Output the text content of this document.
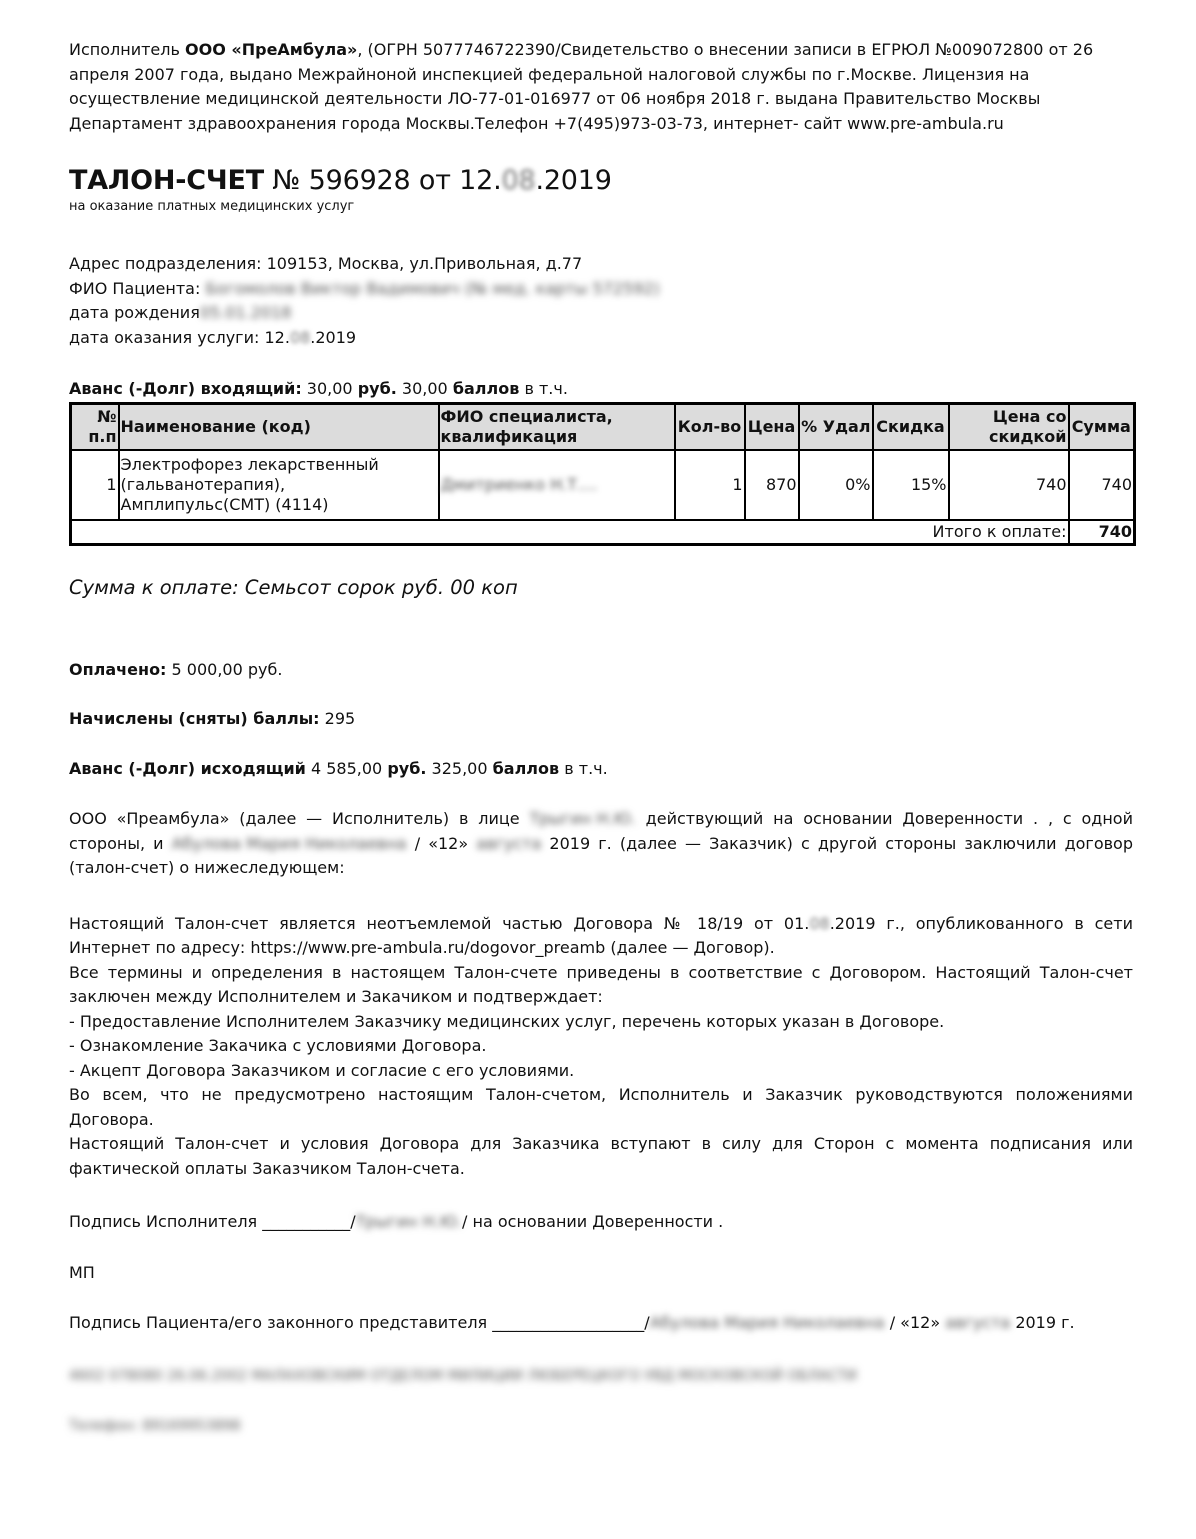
Исполнитель ООО «ПреАмбула», (ОГРН 5077746722390/Свидетельство о внесении записи в ЕГРЮЛ №009072800 от 26 апреля 2007 года, выдано Межрайноной инспекцией федеральной налоговой службы по г.Москве. Лицензия на осуществление медицинской деятельности ЛО-77-01-016977 от 06 ноября 2018 г. выдана Правительство Москвы Департамент здравоохранения города Москвы.Телефон +7(495)973-03-73, интернет- сайт www.pre-ambula.ru

ТАЛОН-СЧЕТ № 596928 от 12.08.2019
на оказание платных медицинских услуг

Адрес подразделения: 109153, Москва, ул.Привольная, д.77

ФИО Пациента: Богомолов Виктор Вадимович (№ мед. карты 572592)

дата рождения05.01.2018

дата оказания услуги: 12.08.2019

Аванс (-Долг) входящий: 30,00 руб. 30,00 баллов в т.ч.

№ п.п	Наименование (код)	ФИО специалиста, квалификация	Кол-во	Цена	% Удал	Скидка	Цена со скидкой	Сумма
1	Электрофорез лекарственный (гальванотерапия), Амплипульс(СМТ) (4114)	Дмитриенко Н.Т....	1	870	0%	15%	740	740
Итого к оплате:								740

Сумма к оплате: Семьсот сорок руб. 00 коп

Оплачено: 5 000,00 руб.

Начислены (сняты) баллы: 295

Аванс (-Долг) исходящий 4 585,00 руб. 325,00 баллов в т.ч.

ООО «Преамбула» (далее — Исполнитель) в лице Трыгин Н.Ю. действующий на основании Доверенности . , с одной стороны, и Абулова Мария Николаевна / «12» августа 2019 г. (далее — Заказчик) с другой стороны заключили договор (талон-счет) о нижеследующем:

Настоящий Талон-счет является неотъемлемой частью Договора № 18/19 от 01.08.2019 г., опубликованного в сети Интернет по адресу: https://www.pre-ambula.ru/dogovor_preamb (далее — Договор).

Все термины и определения в настоящем Талон-счете приведены в соответствие с Договором. Настоящий Талон-счет заключен между Исполнителем и Закачиком и подтверждает:

- Предоставление Исполнителем Заказчику медицинских услуг, перечень которых указан в Договоре.

- Ознакомление Закачика с условиями Договора.

- Акцепт Договора Заказчиком и согласие с его условиями.

Во всем, что не предусмотрено настоящим Талон-счетом, Исполнитель и Заказчик руководствуются положениями Договора.

Настоящий Талон-счет и условия Договора для Заказчика вступают в силу для Сторон с момента подписания или фактической оплаты Заказчиком Талон-счета.

Подпись Исполнителя ___________/Трыгин Н.Ю./ на основании Доверенности .

МП

Подпись Пациента/его законного представителя ___________________/Абулова Мария Николаевна / «12» августа 2019 г.

4602 078080 26.06.2002 МАЛАХОВСКИМ ОТДЕЛОМ МИЛИЦИИ ЛЮБЕРЕЦКОГО УВД МОСКОВСКОЙ ОБЛАСТИ

Телефон: 89169953898
